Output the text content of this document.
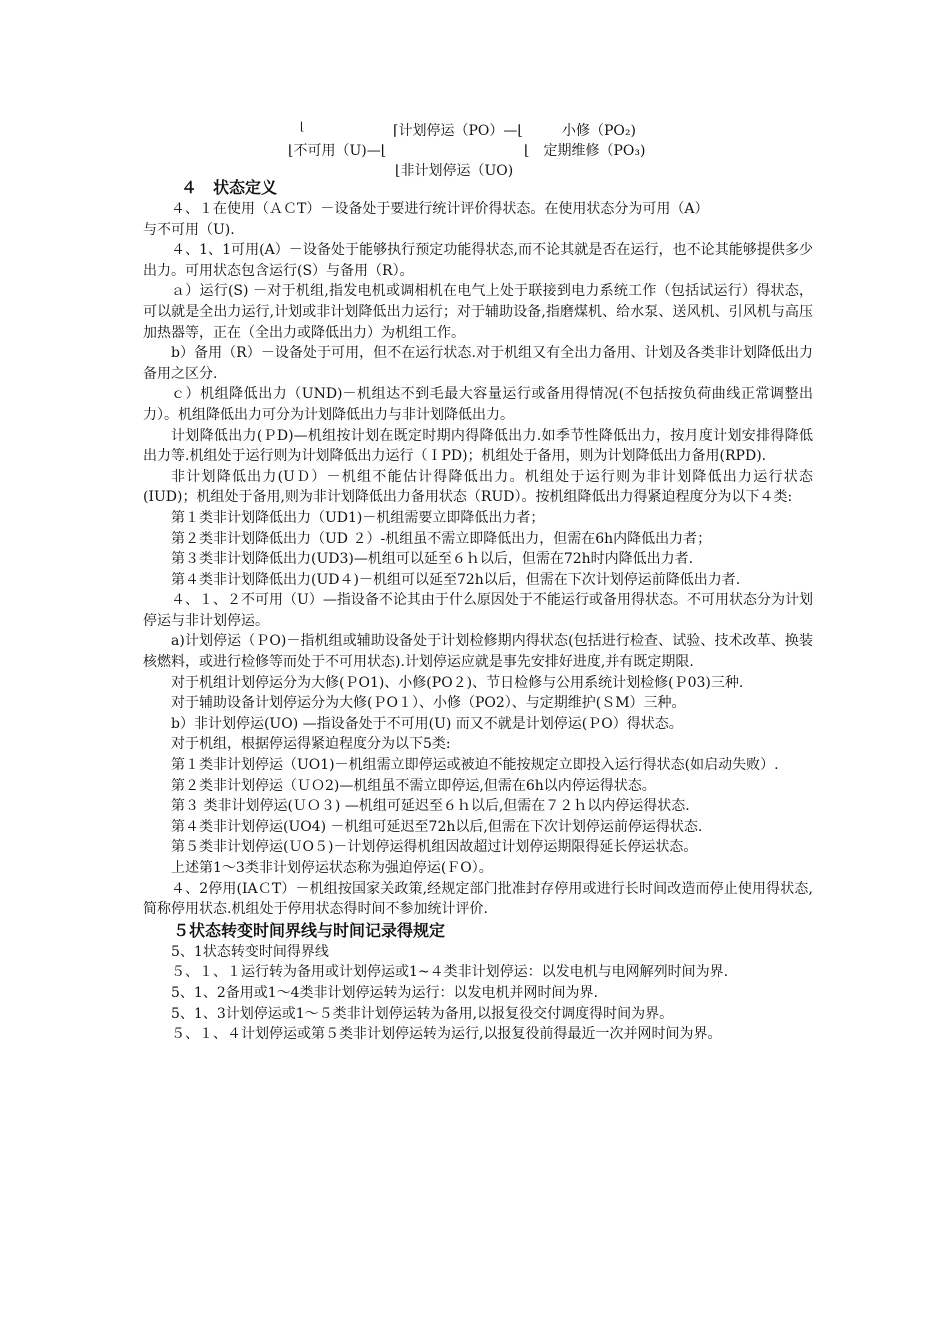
⌊
⌊不可用（U)—⌊
⌈计划停运（PO）—⌊
⌊非计划停运（UO)
小修（PO₂)
⌊　定期维修（PO₃)
４　状态定义

４、１在使用（ＡＣT）－设备处于要进行统计评价得状态。在使用状态分为可用（A）

与不可用（U).

４、1、1可用(A）－设备处于能够执行预定功能得状态,而不论其就是否在运行，也不论其能够提供多少出力。可用状态包含运行(S）与备用（R）。

ａ）运行(S) －对于机组,指发电机或调相机在电气上处于联接到电力系统工作（包括试运行）得状态，可以就是全出力运行,计划或非计划降低出力运行；对于辅助设备,指磨煤机、给水泵、送风机、引风机与高压加热器等，正在（全出力或降低出力）为机组工作。

b）备用（R）－设备处于可用，但不在运行状态.对于机组又有全出力备用、计划及各类非计划降低出力备用之区分.

ｃ）机组降低出力（UND)－机组达不到毛最大容量运行或备用得情况(不包括按负荷曲线正常调整出力）。机组降低出力可分为计划降低出力与非计划降低出力。

计划降低出力(ＰD)—机组按计划在既定时期内得降低出力.如季节性降低出力，按月度计划安排得降低出力等.机组处于运行则为计划降低出力运行（ＩPD)；机组处于备用，则为计划降低出力备用(RPD).

非计划降低出力(UＤ）－机组不能估计得降低出力。机组处于运行则为非计划降低出力运行状态(IUD)；机组处于备用,则为非计划降低出力备用状态（RUD）。按机组降低出力得紧迫程度分为以下４类:

第１类非计划降低出力（UD1)－机组需要立即降低出力者；

第２类非计划降低出力（UD ２）-机组虽不需立即降低出力，但需在6h内降低出力者；

第３类非计划降低出力(UD3)—机组可以延至６ｈ以后，但需在72h时内降低出力者.

第４类非计划降低出力(UD４)－机组可以延至72h以后，但需在下次计划停运前降低出力者.

４、１、２不可用（U）—指设备不论其由于什么原因处于不能运行或备用得状态。不可用状态分为计划停运与非计划停运。

a)计划停运（ＰO)－指机组或辅助设备处于计划检修期内得状态(包括进行检查、试验、技术改革、换装核燃料，或进行检修等而处于不可用状态).计划停运应就是事先安排好进度,并有既定期限.

对于机组计划停运分为大修(ＰO1)、小修(PO２)、节日检修与公用系统计划检修(Ｐ03)三种.

对于辅助设备计划停运分为大修(ＰO１）、小修（PO2）、与定期维护(ＳM）三种。

b）非计划停运(UO) —指设备处于不可用(U) 而又不就是计划停运(ＰO）得状态。

对于机组，根据停运得紧迫程度分为以下5类:

第１类非计划停运（UO1)－机组需立即停运或被迫不能按规定立即投入运行得状态(如启动失败）.

第２类非计划停运（ＵＯ2)—机组虽不需立即停运,但需在6h以内停运得状态。

第３ 类非计划停运(ＵＯ３) —机组可延迟至６ｈ以后,但需在７２ｈ以内停运得状态.

第４类非计划停运(UO4) －机组可延迟至72h以后,但需在下次计划停运前停运得状态.

第５类非计划停运(ＵO５)－计划停运得机组因故超过计划停运期限得延长停运状态。

上述第1～3类非计划停运状态称为强迫停运(ＦO）。

４、2停用(IAＣT）－机组按国家关政策,经规定部门批准封存停用或进行长时间改造而停止使用得状态,简称停用状态.机组处于停用状态得时间不参加统计评价.

５状态转变时间界线与时间记录得规定

5、1状态转变时间得界线

５、１、１运行转为备用或计划停运或1~４类非计划停运：以发电机与电网解列时间为界.

5、1、2备用或1～4类非计划停运转为运行：以发电机并网时间为界.

5、1、3计划停运或1～５类非计划停运转为备用,以报复役交付调度得时间为界。

５、１、４计划停运或第５类非计划停运转为运行,以报复役前得最近一次并网时间为界。
